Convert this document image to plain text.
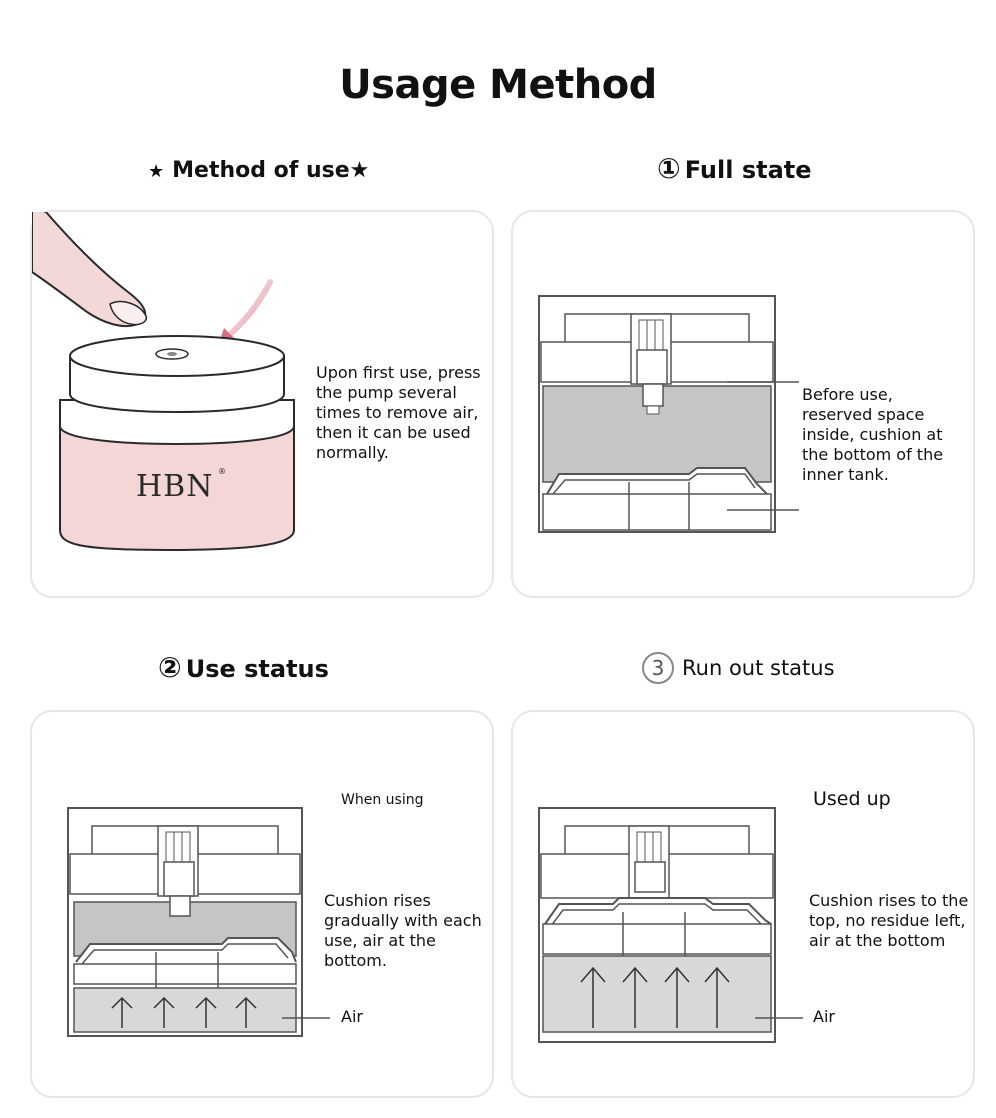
Usage Method
★ Method of use★	① Full state
② Use status	3 Run out status
HBN ®
Upon first use, press the pump several times to remove air, then it can be used normally.
Before use, reserved space inside, cushion at the bottom of the inner tank.
When using
Cushion rises gradually with each use, air at the bottom.
Air
Used up
Cushion rises to the top, no residue left, air at the bottom
Air
